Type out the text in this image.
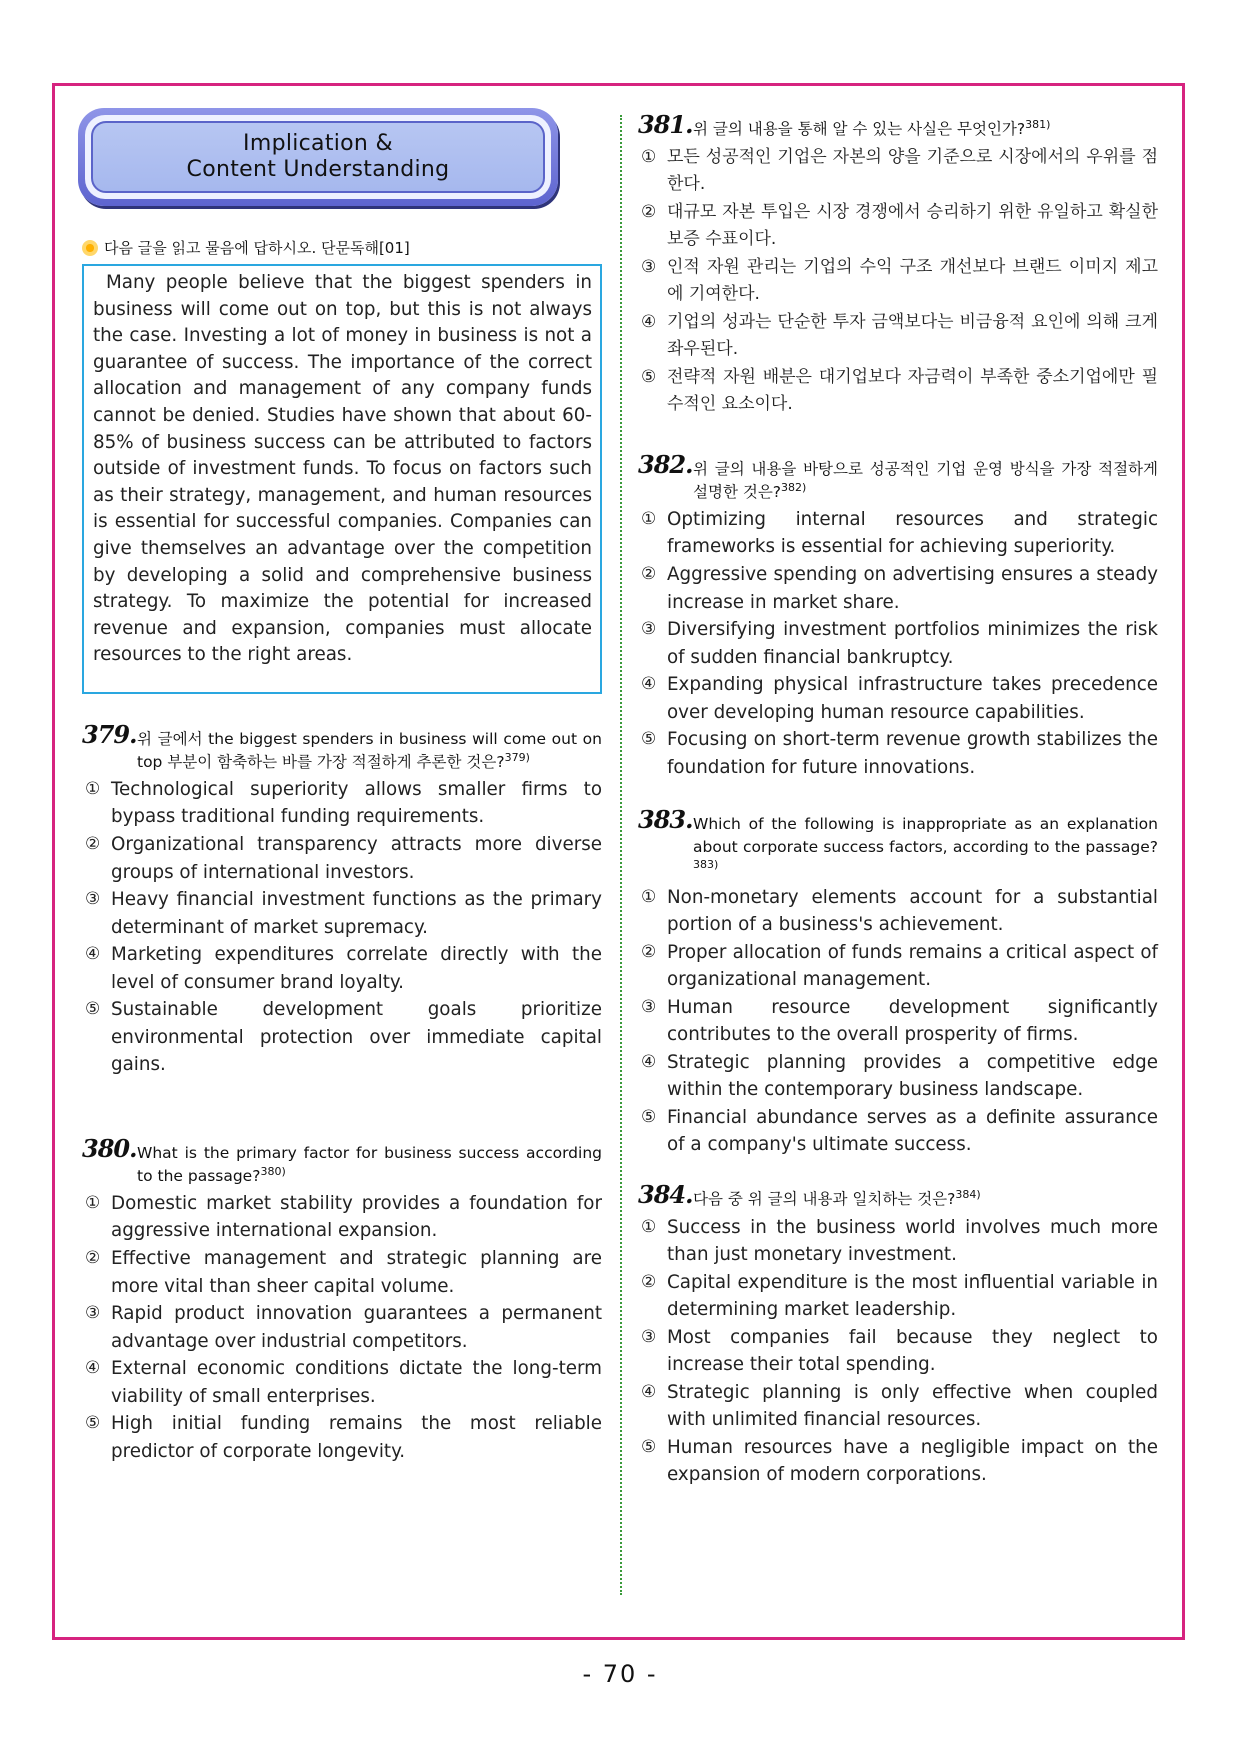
Implication &
Content Understanding
다음 글을 읽고 물음에 답하시오. 단문독해[01]

Many people believe that the biggest spenders in business will come out on top, but this is not always the case. Investing a lot of money in business is not a guarantee of success. The importance of the correct allocation and management of any company funds cannot be denied. Studies have shown that about 60-85% of business success can be attributed to factors outside of investment funds. To focus on factors such as their strategy, management, and human resources is essential for successful companies. Companies can give themselves an advantage over the competition by developing a solid and comprehensive business strategy. To maximize the potential for increased revenue and expansion, companies must allocate resources to the right areas.

379. 위 글에서 the biggest spenders in business will come out on top 부분이 함축하는 바를 가장 적절하게 추론한 것은?$^{379)}$
① Technological superiority allows smaller firms to bypass traditional funding requirements.
② Organizational transparency attracts more diverse groups of international investors.
③ Heavy financial investment functions as the primary determinant of market supremacy.
④ Marketing expenditures correlate directly with the level of consumer brand loyalty.
⑤ Sustainable development goals prioritize environmental protection over immediate capital gains.
380. What is the primary factor for business success according to the passage?$^{380)}$
① Domestic market stability provides a foundation for aggressive international expansion.
② Effective management and strategic planning are more vital than sheer capital volume.
③ Rapid product innovation guarantees a permanent advantage over industrial competitors.
④ External economic conditions dictate the long-term viability of small enterprises.
⑤ High initial funding remains the most reliable predictor of corporate longevity.
381. 위 글의 내용을 통해 알 수 있는 사실은 무엇인가?$^{381)}$
① 모든 성공적인 기업은 자본의 양을 기준으로 시장에서의 우위를 점한다.
② 대규모 자본 투입은 시장 경쟁에서 승리하기 위한 유일하고 확실한 보증 수표이다.
③ 인적 자원 관리는 기업의 수익 구조 개선보다 브랜드 이미지 제고에 기여한다.
④ 기업의 성과는 단순한 투자 금액보다는 비금융적 요인에 의해 크게 좌우된다.
⑤ 전략적 자원 배분은 대기업보다 자금력이 부족한 중소기업에만 필수적인 요소이다.
382. 위 글의 내용을 바탕으로 성공적인 기업 운영 방식을 가장 적절하게 설명한 것은?$^{382)}$
① Optimizing internal resources and strategic frameworks is essential for achieving superiority.
② Aggressive spending on advertising ensures a steady increase in market share.
③ Diversifying investment portfolios minimizes the risk of sudden financial bankruptcy.
④ Expanding physical infrastructure takes precedence over developing human resource capabilities.
⑤ Focusing on short-term revenue growth stabilizes the foundation for future innovations.
383. Which of the following is inappropriate as an explanation about corporate success factors, according to the passage?$^{383)}$
① Non-monetary elements account for a substantial portion of a business's achievement.
② Proper allocation of funds remains a critical aspect of organizational management.
③ Human resource development significantly contributes to the overall prosperity of firms.
④ Strategic planning provides a competitive edge within the contemporary business landscape.
⑤ Financial abundance serves as a definite assurance of a company's ultimate success.
384. 다음 중 위 글의 내용과 일치하는 것은?$^{384)}$
① Success in the business world involves much more than just monetary investment.
② Capital expenditure is the most influential variable in determining market leadership.
③ Most companies fail because they neglect to increase their total spending.
④ Strategic planning is only effective when coupled with unlimited financial resources.
⑤ Human resources have a negligible impact on the expansion of modern corporations.
- 70 -
